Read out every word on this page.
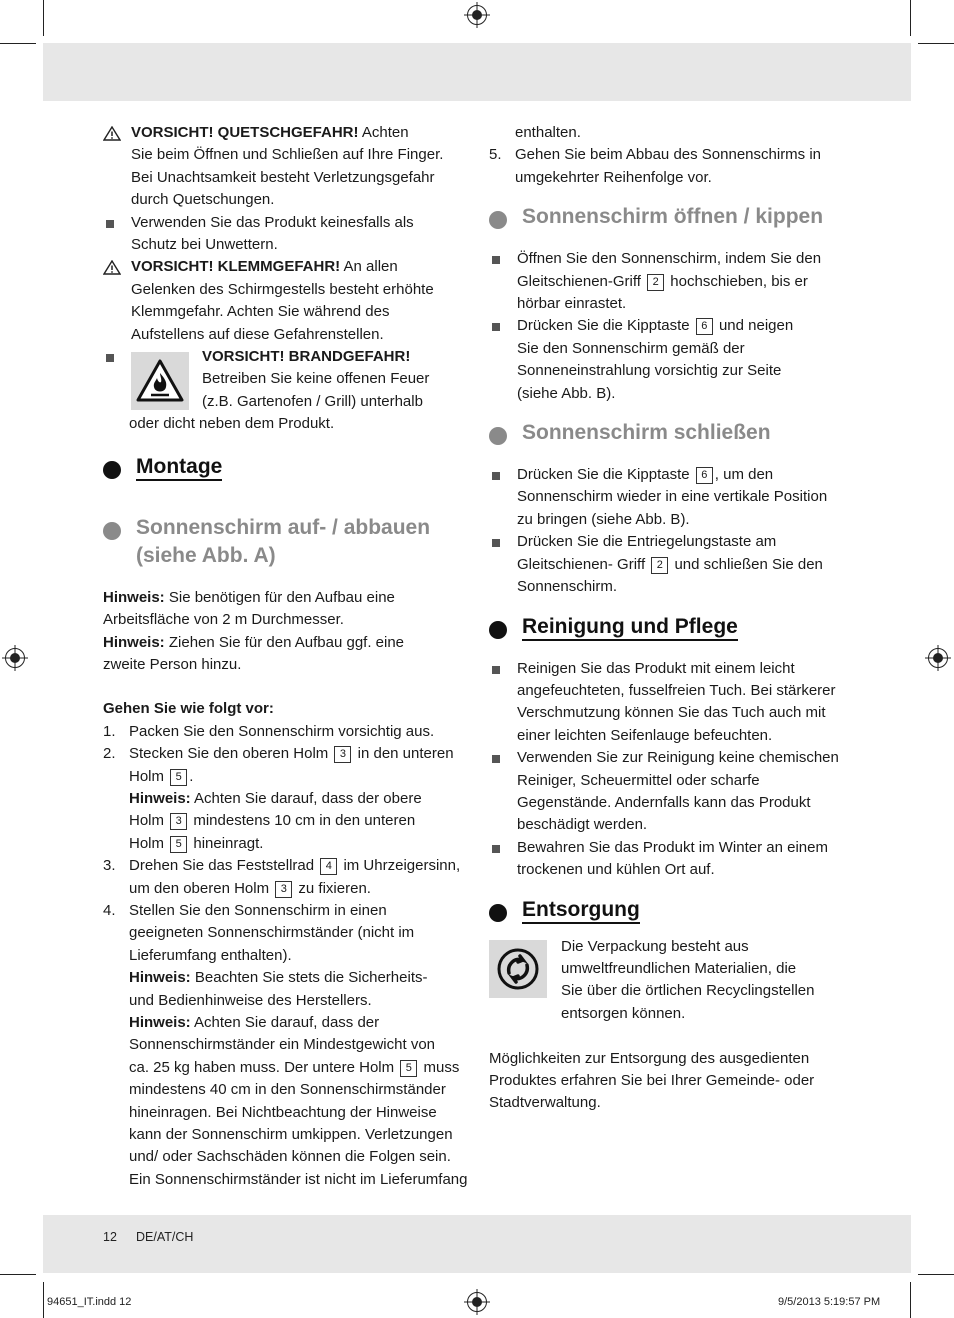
12 DE/AT/CH
94651_IT.indd 12	9/5/2013 5:19:57 PM

VORSICHT! QUETSCHGEFAHR! Achten
Sie beim Öffnen und Schließen auf Ihre Finger.
Bei Unachtsamkeit besteht Verletzungsgefahr
durch Quetschungen.

Verwenden Sie das Produkt keinesfalls als
Schutz bei Unwettern.

VORSICHT! KLEMMGEFAHR! An allen
Gelenken des Schirmgestells besteht erhöhte
Klemmgefahr. Achten Sie während des
Aufstellens auf diese Gefahrenstellen.

VORSICHT! BRANDGEFAHR!
Betreiben Sie keine offenen Feuer
(z.B. Gartenofen / Grill) unterhalb

oder dicht neben dem Produkt.

Montage
Sonnenschirm auf- / abbauen
(siehe Abb. A)

Hinweis: Sie benötigen für den Aufbau eine
Arbeitsfläche von 2 m Durchmesser.

Hinweis: Ziehen Sie für den Aufbau ggf. eine
zweite Person hinzu.

Gehen Sie wie folgt vor:

1. Packen Sie den Sonnenschirm vorsichtig aus.

2. Stecken Sie den oberen Holm 3 in den unteren
Holm 5 .
Hinweis: Achten Sie darauf, dass der obere
Holm 3 mindestens 10 cm in den unteren
Holm 5 hineinragt.

3. Drehen Sie das Feststellrad 4 im Uhrzeigersinn,
um den oberen Holm 3 zu fixieren.

4. Stellen Sie den Sonnenschirm in einen
geeigneten Sonnenschirmständer (nicht im
Lieferumfang enthalten).
Hinweis: Beachten Sie stets die Sicherheits-
und Bedienhinweise des Herstellers.
Hinweis: Achten Sie darauf, dass der
Sonnenschirmständer ein Mindestgewicht von
ca. 25 kg haben muss. Der untere Holm 5 muss
mindestens 40 cm in den Sonnenschirmständer
hineinragen. Bei Nichtbeachtung der Hinweise
kann der Sonnenschirm umkippen. Verletzungen
und/ oder Sachschäden können die Folgen sein.
Ein Sonnenschirmständer ist nicht im Lieferumfang

enthalten.

5. Gehen Sie beim Abbau des Sonnenschirms in
umgekehrter Reihenfolge vor.

Sonnenschirm öffnen / kippen

Öffnen Sie den Sonnenschirm, indem Sie den
Gleitschienen-Griff 2 hochschieben, bis er
hörbar einrastet.

Drücken Sie die Kipptaste 6 und neigen
Sie den Sonnenschirm gemäß der
Sonneneinstrahlung vorsichtig zur Seite
(siehe Abb. B).

Sonnenschirm schließen

Drücken Sie die Kipptaste 6 , um den
Sonnenschirm wieder in eine vertikale Position
zu bringen (siehe Abb. B).

Drücken Sie die Entriegelungstaste am
Gleitschienen- Griff 2 und schließen Sie den
Sonnenschirm.

Reinigung und Pflege

Reinigen Sie das Produkt mit einem leicht
angefeuchteten, fusselfreien Tuch. Bei stärkerer
Verschmutzung können Sie das Tuch auch mit
einer leichten Seifenlauge befeuchten.

Verwenden Sie zur Reinigung keine chemischen
Reiniger, Scheuermittel oder scharfe
Gegenstände. Andernfalls kann das Produkt
beschädigt werden.

Bewahren Sie das Produkt im Winter an einem
trockenen und kühlen Ort auf.

Entsorgung

Die Verpackung besteht aus
umweltfreundlichen Materialien, die
Sie über die örtlichen Recyclingstellen
entsorgen können.

Möglichkeiten zur Entsorgung des ausgedienten
Produktes erfahren Sie bei Ihrer Gemeinde- oder
Stadtverwaltung.
